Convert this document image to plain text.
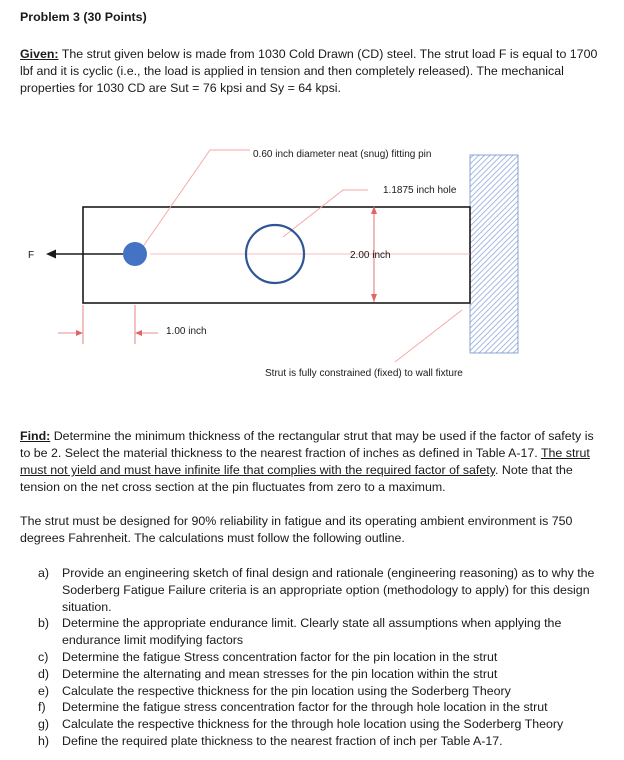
Problem 3 (30 Points)
Given: The strut given below is made from 1030 Cold Drawn (CD) steel. The strut load F is equal to 1700 lbf and it is cyclic (i.e., the load is applied in tension and then completely released). The mechanical properties for 1030 CD are Sut = 76 kpsi and Sy = 64 kpsi.
F
0.60 inch diameter neat (snug) fitting pin
1.1875 inch hole
2.00 inch
1.00 inch
Strut is fully constrained (fixed) to wall fixture
Find: Determine the minimum thickness of the rectangular strut that may be used if the factor of safety is to be 2. Select the material thickness to the nearest fraction of inches as defined in Table A-17. The strut must not yield and must have infinite life that complies with the required factor of safety. Note that the tension on the net cross section at the pin fluctuates from zero to a maximum.
The strut must be designed for 90% reliability in fatigue and its operating ambient environment is 750 degrees Fahrenheit. The calculations must follow the following outline.
a) Provide an engineering sketch of final design and rationale (engineering reasoning) as to why the Soderberg Fatigue Failure criteria is an appropriate option (methodology to apply) for this design situation.
b) Determine the appropriate endurance limit. Clearly state all assumptions when applying the endurance limit modifying factors
c) Determine the fatigue Stress concentration factor for the pin location in the strut
d) Determine the alternating and mean stresses for the pin location within the strut
e) Calculate the respective thickness for the pin location using the Soderberg Theory
f) Determine the fatigue stress concentration factor for the through hole location in the strut
g) Calculate the respective thickness for the through hole location using the Soderberg Theory
h) Define the required plate thickness to the nearest fraction of inch per Table A-17.
